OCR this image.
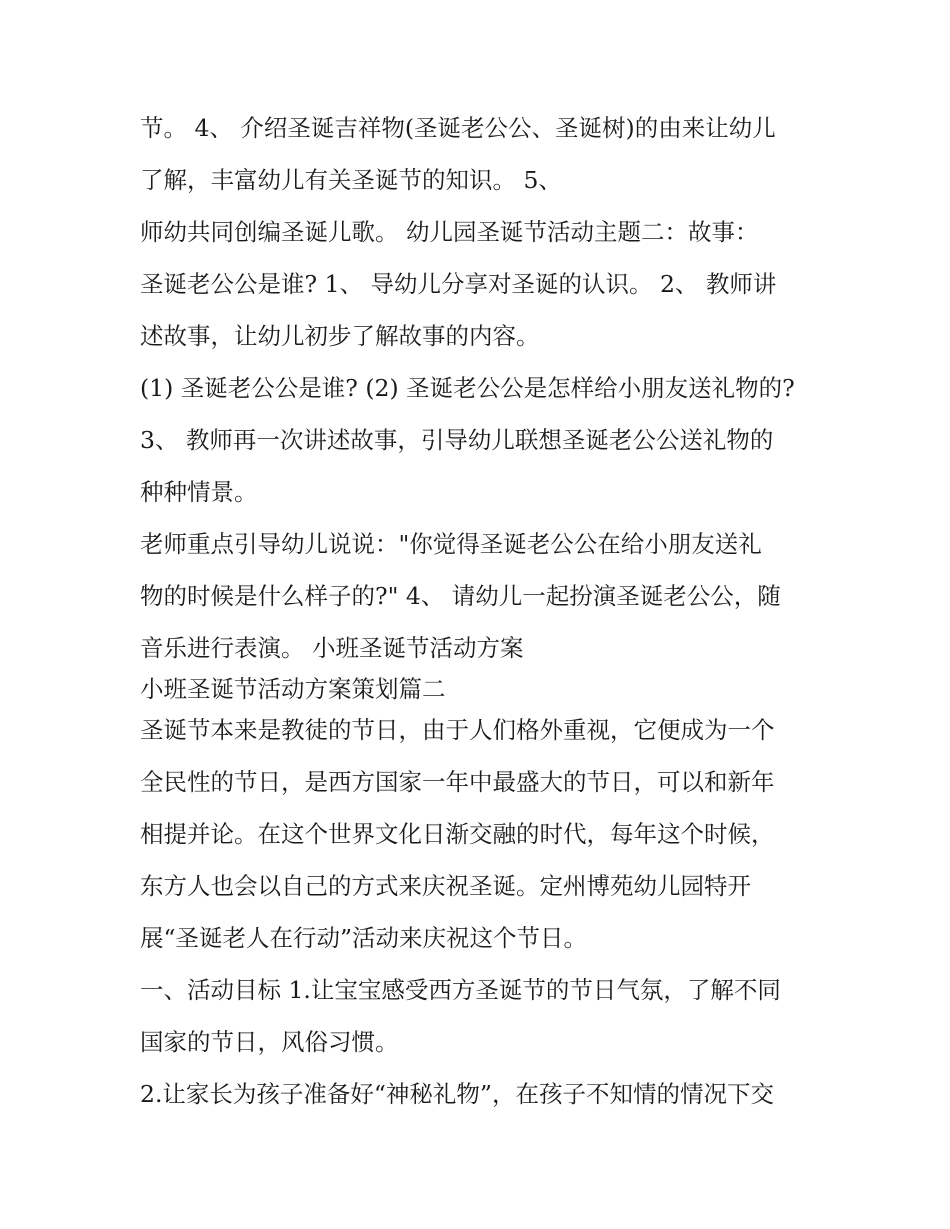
节。 4、 介绍圣诞吉祥物(圣诞老公公、圣诞树)的由来让幼儿

了解，丰富幼儿有关圣诞节的知识。 5、

师幼共同创编圣诞儿歌。 幼儿园圣诞节活动主题二：故事：

圣诞老公公是谁? 1、 导幼儿分享对圣诞的认识。 2、 教师讲

述故事，让幼儿初步了解故事的内容。

(1) 圣诞老公公是谁? (2) 圣诞老公公是怎样给小朋友送礼物的?

3、 教师再一次讲述故事，引导幼儿联想圣诞老公公送礼物的

种种情景。

老师重点引导幼儿说说："你觉得圣诞老公公在给小朋友送礼

物的时候是什么样子的?" 4、 请幼儿一起扮演圣诞老公公，随

音乐进行表演。 小班圣诞节活动方案

小班圣诞节活动方案策划篇二

圣诞节本来是教徒的节日，由于人们格外重视，它便成为一个

全民性的节日，是西方国家一年中最盛大的节日，可以和新年

相提并论。在这个世界文化日渐交融的时代，每年这个时候，

东方人也会以自己的方式来庆祝圣诞。定州博苑幼儿园特开

展“圣诞老人在行动”活动来庆祝这个节日。

一、活动目标 1.让宝宝感受西方圣诞节的节日气氛，了解不同

国家的节日，风俗习惯。

2.让家长为孩子准备好“神秘礼物”，在孩子不知情的情况下交
